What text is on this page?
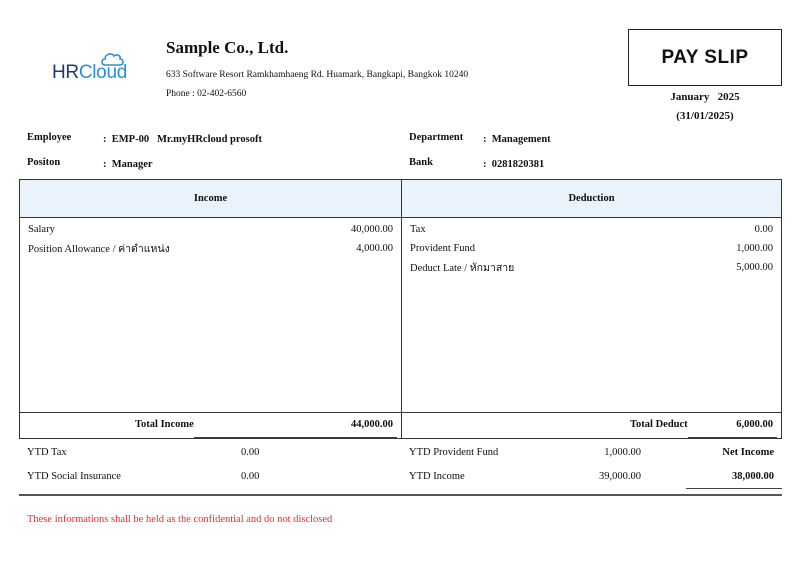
HRCloud
Sample Co., Ltd.
633 Software Resort Ramkhamhaeng Rd. Huamark, Bangkapi, Bangkok 10240
Phone : 02-402-6560
PAY SLIP
January   2025
(31/01/2025)
Employee	:  EMP-00   Mr.myHRcloud prosoft
Positon	:  Manager
Department :  Management
Bank	:  0281820381
Income
Salary	40,000.00
Position Allowance / ค่าตำแหน่ง	4,000.00
Total Income	44,000.00
Deduction
Tax	0.00
Provident Fund	1,000.00
Deduct Late / หักมาสาย	5,000.00
Total Deduct	6,000.00
YTD Tax	0.00
YTD Social Insurance	0.00
YTD Provident Fund	1,000.00
YTD Income	39,000.00
Net Income
38,000.00
These informations shall be held as the confidential and do not disclosed
